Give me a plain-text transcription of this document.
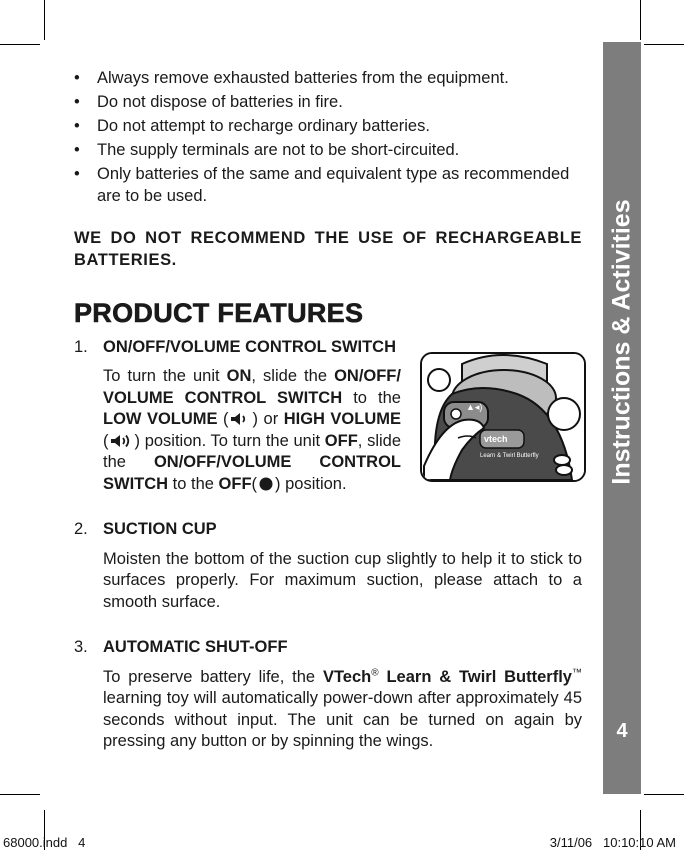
Instructions & Activities
4
• Always remove exhausted batteries from the equipment.
• Do not dispose of batteries in fire.
• Do not attempt to recharge ordinary batteries.
• The supply terminals are not to be short-circuited.
• Only batteries of the same and equivalent type as recommended are to be used.
WE DO NOT RECOMMEND THE USE OF RECHARGEABLE BATTERIES.
PRODUCT FEATURES
1. ON/OFF/VOLUME CONTROL SWITCH
To turn the unit ON, slide the ON/OFF/ VOLUME CONTROL SWITCH to the LOW VOLUME ( ) or HIGH VOLUME ( ) position. To turn the unit OFF, slide the ON/OFF/VOLUME CONTROL SWITCH to the OFF( ) position.
2. SUCTION CUP
Moisten the bottom of the suction cup slightly to help it to stick to surfaces properly. For maximum suction, please attach to a smooth surface.
3. AUTOMATIC SHUT-OFF
To preserve battery life, the VTech® Learn & Twirl Butterfly™ learning toy will automatically power-down after approximately 45 seconds without input. The unit can be turned on again by pressing any button or by spinning the wings.
▲◂)
vtech
Learn & Twirl Butterfly
68000.indd   4	3/11/06   10:10:10 AM
